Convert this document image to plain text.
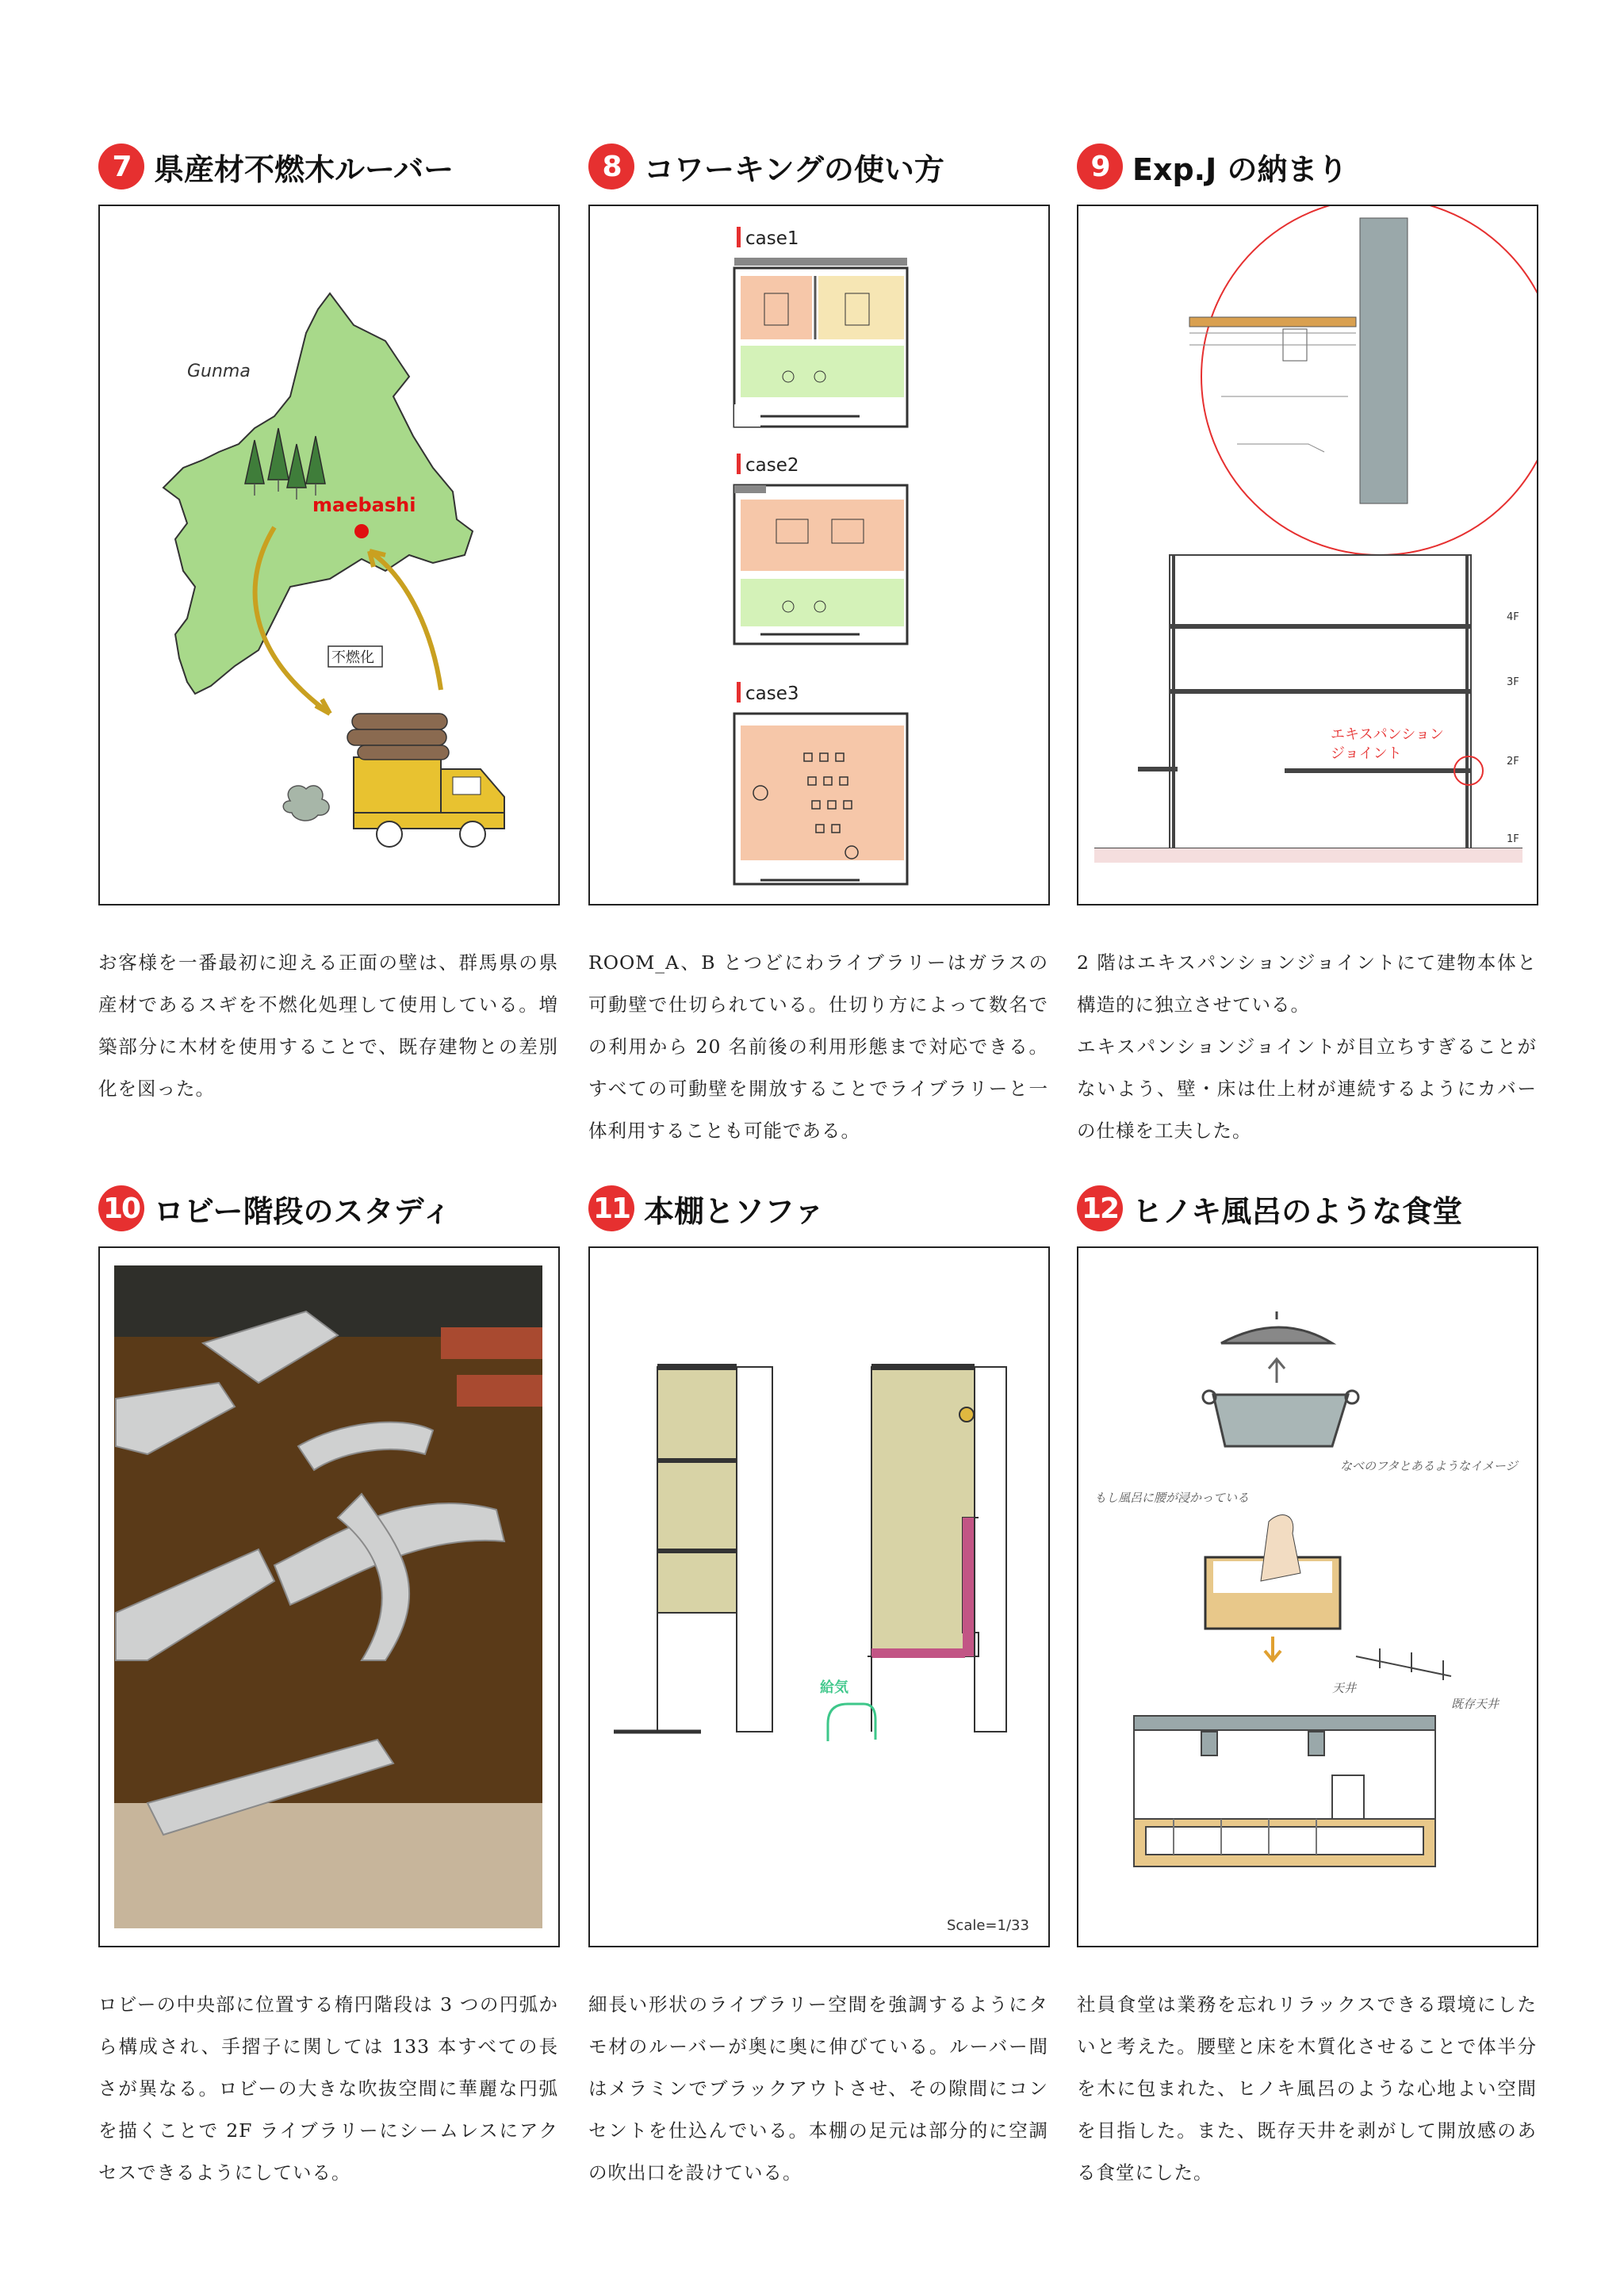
7 県産材不燃木ルーバー
Gunma
maebashi
不燃化

お客様を一番最初に迎える正面の壁は、群馬県の県産材であるスギを不燃化処理して使用している。増築部分に木材を使用することで、既存建物との差別化を図った。

8 コワーキングの使い方
case1
case2
case3

ROOM_A、B とつどにわライブラリーはガラスの可動壁で仕切られている。仕切り方によって数名での利用から 20 名前後の利用形態まで対応できる。すべての可動壁を開放することでライブラリーと一体利用することも可能である。

9 Exp.J の納まり
エキスパンション
ジョイント
4F
3F
2F
1F

2 階はエキスパンションジョイントにて建物本体と構造的に独立させている。

エキスパンションジョイントが目立ちすぎることがないよう、壁・床は仕上材が連続するようにカバーの仕様を工夫した。

10 ロビー階段のスタディ

ロビーの中央部に位置する楕円階段は 3 つの円弧から構成され、手摺子に関しては 133 本すべての長さが異なる。ロビーの大きな吹抜空間に華麗な円弧を描くことで 2F ライブラリーにシームレスにアクセスできるようにしている。

11 本棚とソファ
給気
Scale=1/33

細長い形状のライブラリー空間を強調するようにタモ材のルーバーが奥に奥に伸びている。ルーバー間はメラミンでブラックアウトさせ、その隙間にコンセントを仕込んでいる。本棚の足元は部分的に空調の吹出口を設けている。

12 ヒノキ風呂のような食堂
なべのフタとあるようなイメージ
もし風呂に腰が浸かっている
天井
既存天井

社員食堂は業務を忘れリラックスできる環境にしたいと考えた。腰壁と床を木質化させることで体半分を木に包まれた、ヒノキ風呂のような心地よい空間を目指した。また、既存天井を剥がして開放感のある食堂にした。
